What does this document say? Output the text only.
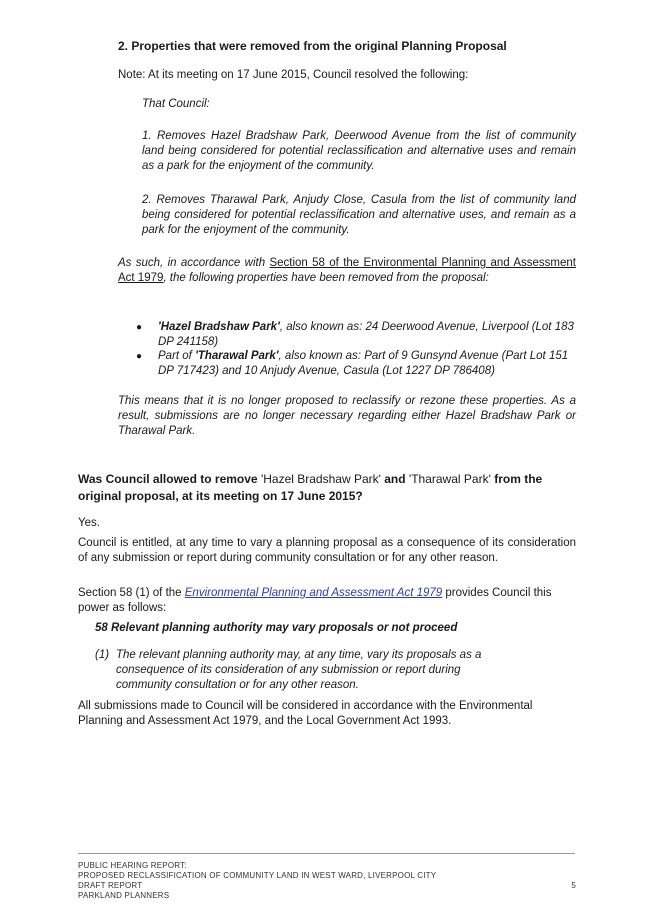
2. Properties that were removed from the original Planning Proposal
Note: At its meeting on 17 June 2015, Council resolved the following:
That Council:
1. Removes Hazel Bradshaw Park, Deerwood Avenue from the list of community land being considered for potential reclassification and alternative uses and remain as a park for the enjoyment of the community.
2. Removes Tharawal Park, Anjudy Close, Casula from the list of community land being considered for potential reclassification and alternative uses, and remain as a park for the enjoyment of the community.
As such, in accordance with Section 58 of the Environmental Planning and Assessment Act 1979, the following properties have been removed from the proposal:
● 'Hazel Bradshaw Park', also known as: 24 Deerwood Avenue, Liverpool (Lot 183 DP 241158)
● Part of 'Tharawal Park', also known as: Part of 9 Gunsynd Avenue (Part Lot 151 DP 717423) and 10 Anjudy Avenue, Casula (Lot 1227 DP 786408)
This means that it is no longer proposed to reclassify or rezone these properties. As a result, submissions are no longer necessary regarding either Hazel Bradshaw Park or Tharawal Park.
Was Council allowed to remove 'Hazel Bradshaw Park' and 'Tharawal Park' from the original proposal, at its meeting on 17 June 2015?
Yes.
Council is entitled, at any time to vary a planning proposal as a consequence of its consideration of any submission or report during community consultation or for any other reason.
Section 58 (1) of the Environmental Planning and Assessment Act 1979 provides Council this power as follows:
58 Relevant planning authority may vary proposals or not proceed
(1) The relevant planning authority may, at any time, vary its proposals as a consequence of its consideration of any submission or report during community consultation or for any other reason.
All submissions made to Council will be considered in accordance with the Environmental Planning and Assessment Act 1979, and the Local Government Act 1993.
PUBLIC HEARING REPORT:
PROPOSED RECLASSIFICATION OF COMMUNITY LAND IN WEST WARD, LIVERPOOL CITY
DRAFT REPORT
PARKLAND PLANNERS
5
